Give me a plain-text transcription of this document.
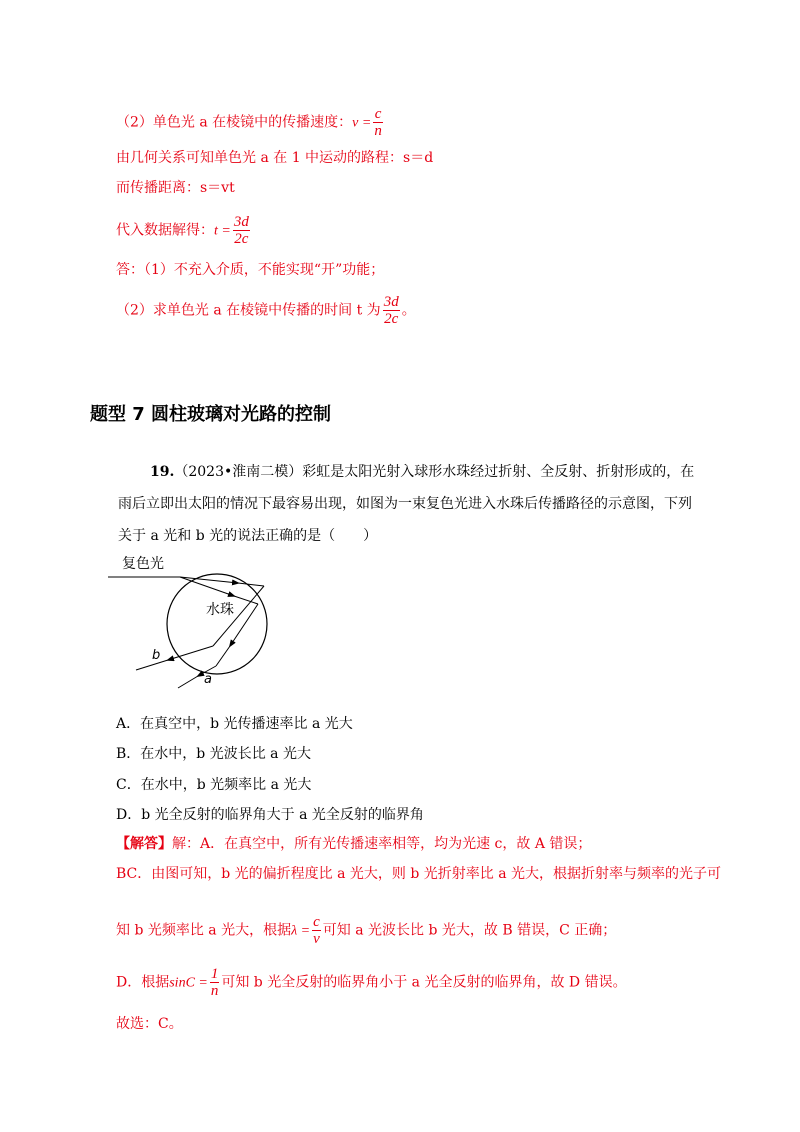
（2）单色光 a 在棱镜中的传播速度：$v = \frac{c}{n}$
由几何关系可知单色光 a 在 1 中运动的路程：s＝d
而传播距离：s＝vt
代入数据解得：$t = \frac{3d}{2c}$
答：（1）不充入介质，不能实现“开”功能；
（2）求单色光 a 在棱镜中传播的时间 t 为 $\frac{3d}{2c}$ 。
题型 7 圆柱玻璃对光路的控制
19.（2023•淮南二模）彩虹是太阳光射入球形水珠经过折射、全反射、折射形成的，在
雨后立即出太阳的情况下最容易出现，如图为一束复色光进入水珠后传播路径的示意图，下列
关于 a 光和 b 光的说法正确的是（　　）
复色光
水珠
b
a
A．在真空中，b 光传播速率比 a 光大
B．在水中，b 光波长比 a 光大
C．在水中，b 光频率比 a 光大
D．b 光全反射的临界角大于 a 光全反射的临界角
【解答】解：A．在真空中，所有光传播速率相等，均为光速 c，故 A 错误；
BC．由图可知，b 光的偏折程度比 a 光大，则 b 光折射率比 a 光大，根据折射率与频率的光子可
知 b 光频率比 a 光大，根据$\lambda = \frac{c}{v}$ 可知 a 光波长比 b 光大，故 B 错误，C 正确；
D．根据$\sin C = \frac{1}{n}$ 可知 b 光全反射的临界角小于 a 光全反射的临界角，故 D 错误。
故选：C。
